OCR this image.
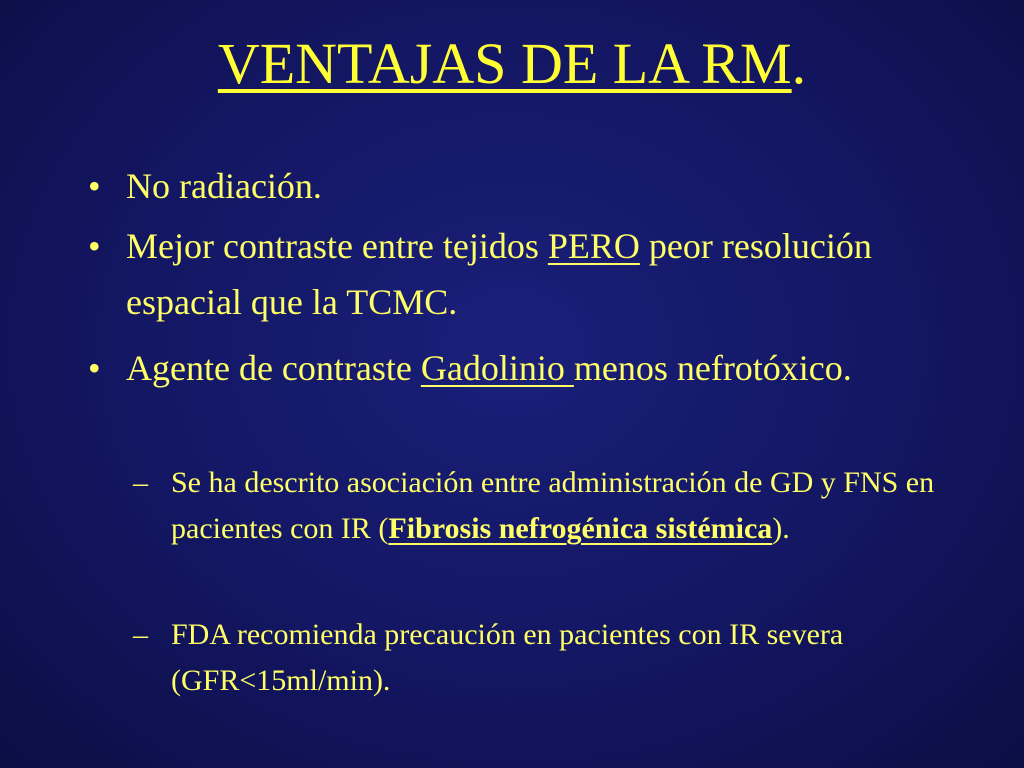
VENTAJAS DE LA RM.
• No radiación.
• Mejor contraste entre tejidos PERO peor resolución espacial que la TCMC.
• Agente de contraste Gadolinio menos nefrotóxico.
– Se ha descrito asociación entre administración de GD y FNS en pacientes con IR (Fibrosis nefrogénica sistémica).
– FDA recomienda precaución en pacientes con IR severa (GFR<15ml/min).
